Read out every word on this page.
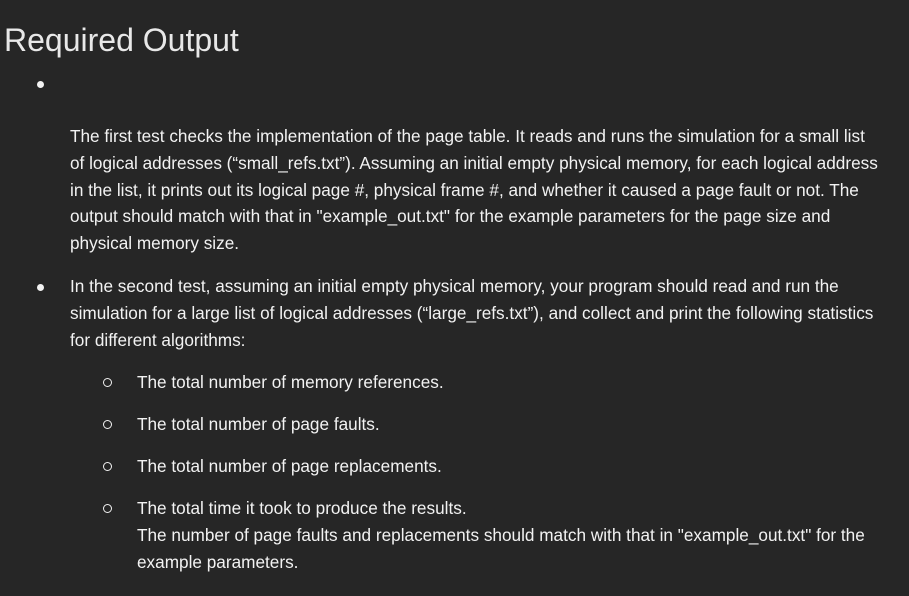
Required Output

The first test checks the implementation of the page table. It reads and runs the simulation for a small list of logical addresses (“small_refs.txt”). Assuming an initial empty physical memory, for each logical address in the list, it prints out its logical page #, physical frame #, and whether it caused a page fault or not. The output should match with that in "example_out.txt" for the example parameters for the page size and physical memory size.

In the second test, assuming an initial empty physical memory, your program should read and run the simulation for a large list of logical addresses (“large_refs.txt”), and collect and print the following statistics for different algorithms:

The total number of memory references.

The total number of page faults.

The total number of page replacements.

The total time it took to produce the results.

The number of page faults and replacements should match with that in "example_out.txt" for the example parameters.
